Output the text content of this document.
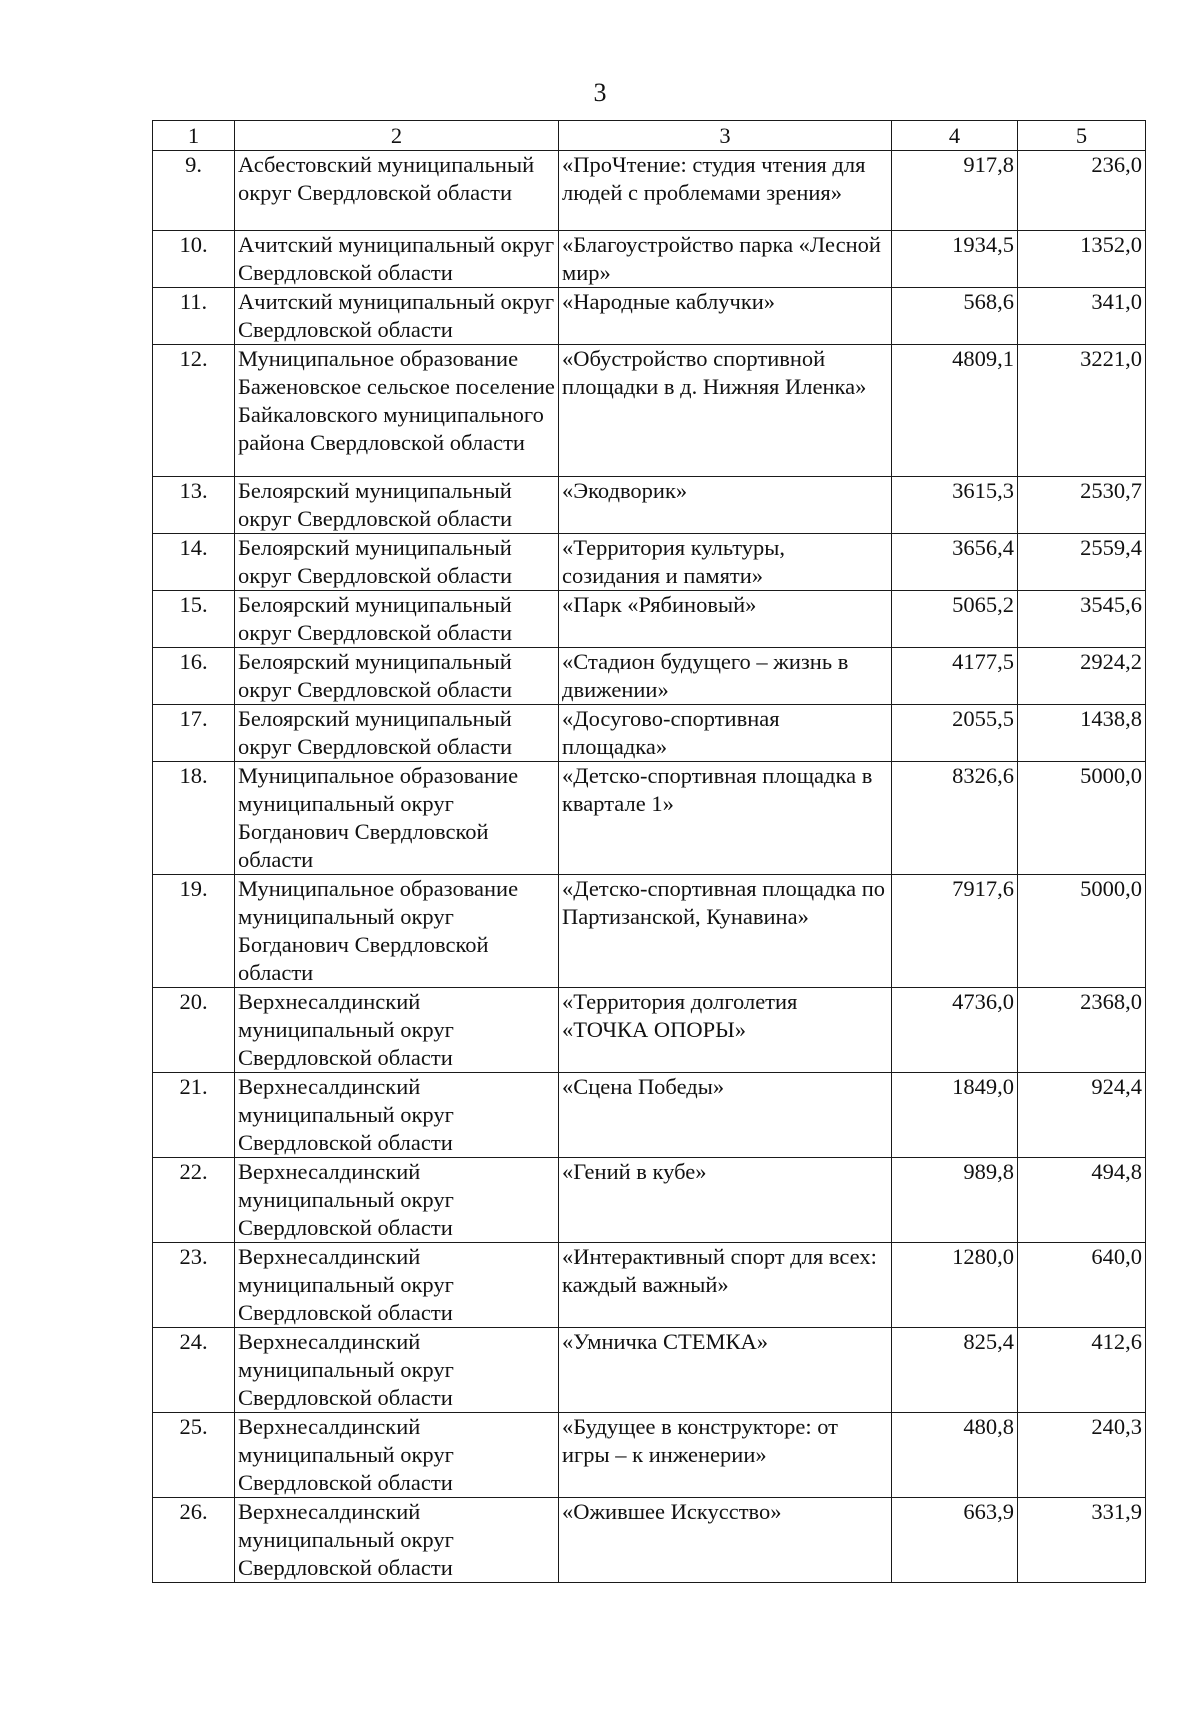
3
1	2	3	4	5
9.	Асбестовский муниципальный округ Свердловской области	«ПроЧтение: студия чтения для людей с проблемами зрения»	917,8	236,0
10.	Ачитский муниципальный округ Свердловской области	«Благоустройство парка «Лесной мир»	1934,5	1352,0
11.	Ачитский муниципальный округ Свердловской области	«Народные каблучки»	568,6	341,0
12.	Муниципальное образование Баженовское сельское поселение Байкаловского муниципального района Свердловской области	«Обустройство спортивной площадки в д. Нижняя Иленка»	4809,1	3221,0
13.	Белоярский муниципальный округ Свердловской области	«Экодворик»	3615,3	2530,7
14.	Белоярский муниципальный округ Свердловской области	«Территория культуры, созидания и памяти»	3656,4	2559,4
15.	Белоярский муниципальный округ Свердловской области	«Парк «Рябиновый»	5065,2	3545,6
16.	Белоярский муниципальный округ Свердловской области	«Стадион будущего – жизнь в движении»	4177,5	2924,2
17.	Белоярский муниципальный округ Свердловской области	«Досугово-спортивная площадка»	2055,5	1438,8
18.	Муниципальное образование муниципальный округ Богданович Свердловской области	«Детско-спортивная площадка в квартале 1»	8326,6	5000,0
19.	Муниципальное образование муниципальный округ Богданович Свердловской области	«Детско-спортивная площадка по Партизанской, Кунавина»	7917,6	5000,0
20.	Верхнесалдинский муниципальный округ Свердловской области	«Территория долголетия «ТОЧКА ОПОРЫ»	4736,0	2368,0
21.	Верхнесалдинский муниципальный округ Свердловской области	«Сцена Победы»	1849,0	924,4
22.	Верхнесалдинский муниципальный округ Свердловской области	«Гений в кубе»	989,8	494,8
23.	Верхнесалдинский муниципальный округ Свердловской области	«Интерактивный спорт для всех: каждый важный»	1280,0	640,0
24.	Верхнесалдинский муниципальный округ Свердловской области	«Умничка СТЕМКА»	825,4	412,6
25.	Верхнесалдинский муниципальный округ Свердловской области	«Будущее в конструкторе: от игры – к инженерии»	480,8	240,3
26.	Верхнесалдинский муниципальный округ Свердловской области	«Ожившее Искусство»	663,9	331,9
